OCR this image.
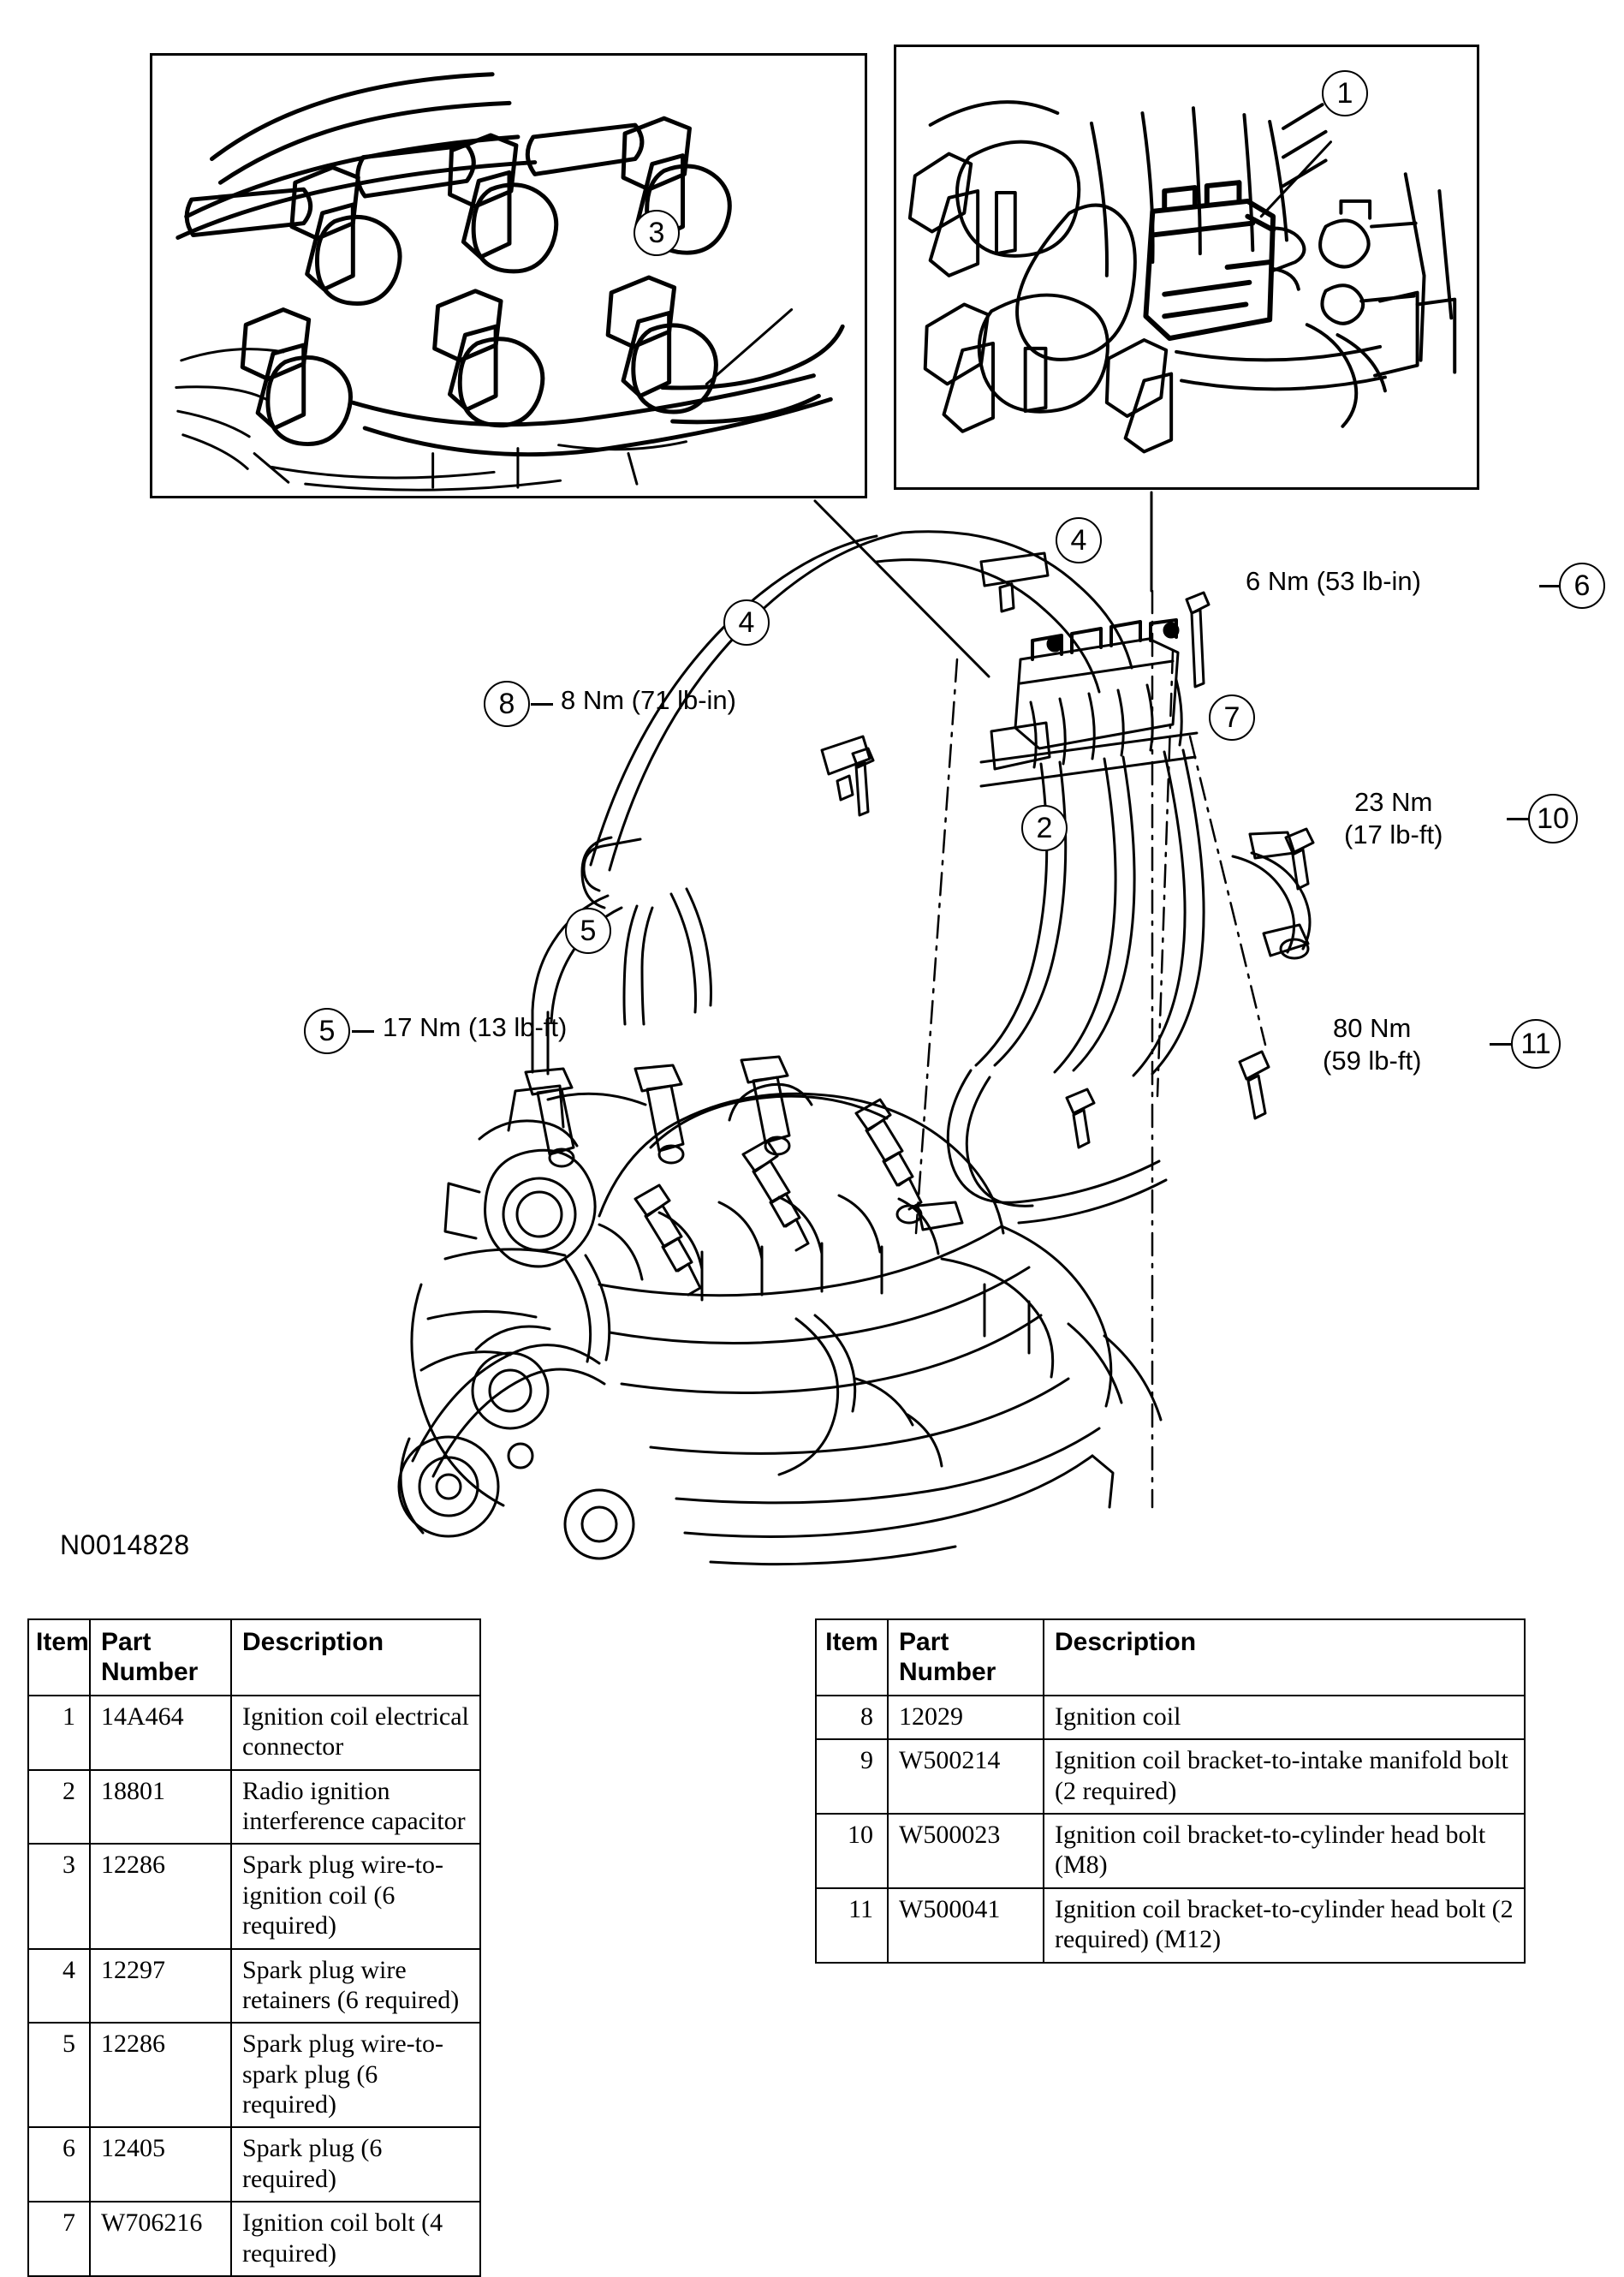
3
1
4
4
6 Nm (53 lb-in)	6
8	8 Nm (71 lb-in)
2
7
23 Nm
(17 lb-ft)	10
5
5	17 Nm (13 lb-ft)	80 Nm
(59 lb-ft)
11
N0014828
Item	Part Number	Description
1	14A464	Ignition coil electrical connector
2	18801	Radio ignition interference capacitor
3	12286	Spark plug wire-to-ignition coil (6 required)
4	12297	Spark plug wire retainers (6 required)
5	12286	Spark plug wire-to-spark plug (6 required)
6	12405	Spark plug (6 required)
7	W706216	Ignition coil bolt (4 required)
Item	Part Number	Description
8	12029	Ignition coil
9	W500214	Ignition coil bracket-to-intake manifold bolt (2 required)
10	W500023	Ignition coil bracket-to-cylinder head bolt (M8)
11	W500041	Ignition coil bracket-to-cylinder head bolt (2 required) (M12)
